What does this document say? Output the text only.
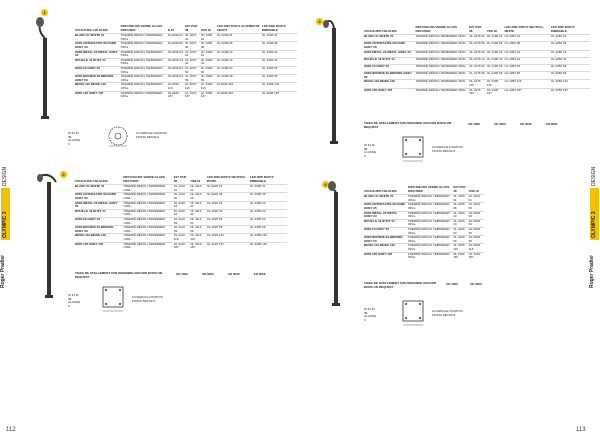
1
COULEURS COLOURS	DIFFUSEURS VERRE GLASS DIFFUSER	E 27	E27 PAR 38	70W HI	LED 26W 3000°K ALTERNATIF ADAPT.	LED 26W 3000°K DIMMABLE
BLANC 01 WHITE 01	TREMPÉ DÉPOLI TEMPERED OPAL	OL3206-01	OL 3070 01	OL 3396 01	OL 3206-01	OL 3396 01
GRIS ANTHRACITE 06 DARK GREY 06	TREMPÉ DÉPOLI TEMPERED OPAL	OL3206-06	OL 3070 06	OL 3396 06	OL 3206-06	OL 3396 06
GRIS MÉTAL 23 METAL GREY 23	TREMPÉ DÉPOLI TEMPERED OPAL	OL3206-23	OL 3070 23	OL 3396 23	OL 3206-23	OL 3396 23
ROUILLE 44 RUST 44	TREMPÉ DÉPOLI TEMPERED OPAL	OL3206-44	OL 3070 44	OL 3396 44	OL 3206-44	OL 3396 44
GRIS 53 GREY 53	TREMPÉ DÉPOLI TEMPERED OPAL	OL3206-53	OL 3070 53	OL 3396 53	OL 3206-53	OL 3396 53
GRIS BRONZE 59 BRONZE GREY 59	TREMPÉ DÉPOLI TEMPERED OPAL	OL3206-59	OL 3070 59	OL 3396 59	OL 3206-59	OL 3396 59
BEIGE 116 BEIGE 116	TREMPÉ DÉPOLI TEMPERED OPAL	OL3206-116	OL 3070 116	OL 3396 116	OL3206-116	OL 3396 116
GRIS 187 GREY 187	TREMPÉ DÉPOLI TEMPERED OPAL	OL3206-187	OL 3070 187	OL 3396 187	OL3206-187	OL 3396 187
IP 44 IK 08
CLASSE II
CUVERCLE FIXATION FIXING DETAILS
2
COULEURS COLOURS	DIFFUSEURS VERRE GLASS DIFFUSER	E27 PAR 38	70W HI	LED 26W 3000°K NEUTRAL WHITE	LED 26W 3000°K DIMMABLE
BLANC 01 WHITE 01	TREMPÉ DÉPOLI TEMPERED OPAL	OL 3116 01	OL 3116 01	OL 3226 01	OL 3286 01
GRIS ANTHRACITE 06 DARK GREY 06	TREMPÉ DÉPOLI TEMPERED OPAL	OL 3116 06	OL 3116 06	OL 3226 06	OL 3286 06
GRIS MÉTAL 23 METAL GREY 23	TREMPÉ DÉPOLI TEMPERED OPAL	OL 3116 23	OL 3116 23	OL 3226 23	OL 3286 23
ROUILLE 44 RUST 44	TREMPÉ DÉPOLI TEMPERED OPAL	OL 3116 44	OL 3116 44	OL 3226 44	OL 3286 44
GRIS 53 GREY 53	TREMPÉ DÉPOLI TEMPERED OPAL	OL 3116 53	OL 3116 53	OL 3226 53	OL 3286 53
GRIS BRONZE 59 BRONZE GREY 59	TREMPÉ DÉPOLI TEMPERED OPAL	OL 3116 59	OL 3116 59	OL 3226 59	OL 3286 59
BEIGE 116 BEIGE 116	TREMPÉ DÉPOLI TEMPERED OPAL	OL 3116 116	OL 3116 116	OL 3226 116	OL 3286 116
GRIS 187 GREY 187	TREMPÉ DÉPOLI TEMPERED OPAL	OL 3116 187	OL 3116 187	OL 3226 187	OL 3286 187
TIGES DE SCELLEMENT SUR DEMANDE ANCHOR RODS ON REQUEST
AD 3069	AD 3069	AD 3069	AD 3069
IP 44 IK 08
CLASSE II
CUVERCLE FIXATION FIXING DETAILS
Roger Pradier
OLYMPIC 3
DESIGN
112
3
COULEURS COLOURS	DIFFUSEURS VERRE GLASS DIFFUSER	E27 PAR 38	70W HI	LED 26W 3000°K NEUTRAL WHITE	LED 26W 3000°K DIMMABLE
BLANC 01 WHITE 01	TREMPÉ DÉPOLI TEMPERED OPAL	OL 3176 01	OL 3196 01	OL 3356 01	OL 3256 01
GRIS ANTHRACITE 06 DARK GREY 06	TREMPÉ DÉPOLI TEMPERED OPAL	OL 3176 06	OL 3196 06	OL 3356 06	OL 3256 06
GRIS MÉTAL 23 METAL GREY 23	TREMPÉ DÉPOLI TEMPERED OPAL	OL 3176 23	OL 3196 23	OL 3356 23	OL 3256 23
ROUILLE 44 RUST 44	TREMPÉ DÉPOLI TEMPERED OPAL	OL 3176 44	OL 3196 44	OL 3356 44	OL 3256 44
GRIS 53 GREY 53	TREMPÉ DÉPOLI TEMPERED OPAL	OL 3176 53	OL 3196 53	OL 3356 53	OL 3256 53
GRIS BRONZE 59 BRONZE GREY 59	TREMPÉ DÉPOLI TEMPERED OPAL	OL 3176 59	OL 3196 59	OL 3356 59	OL 3256 59
BEIGE 116 BEIGE 116	TREMPÉ DÉPOLI TEMPERED OPAL	OL 3176 116	OL 3196 116	OL 3356 116	OL 3256 116
GRIS 187 GREY 187	TREMPÉ DÉPOLI TEMPERED OPAL	OL 3176 187	OL 3196 187	OL 3356 187	OL 3256 187
TIGES DE SCELLEMENT SUR DEMANDE ANCHOR RODS ON REQUEST
AD 3069	AD 3069	AD 3069	AD 3069
IP 44 IK 08
CLASSE II
CUVERCLE FIXATION FIXING DETAILS
4
COULEURS COLOURS	DIFFUSEURS VERRE GLASS DIFFUSER	E27 PAR 38	70W HI
BLANC 01 WHITE 01	TREMPÉ DÉPOLI TEMPERED OPAL	OL 3166 01	OL 3166 01
GRIS ANTHRACITE 06 DARK GREY 06	TREMPÉ DÉPOLI TEMPERED OPAL	OL 3166 06	OL 3166 06
GRIS MÉTAL 23 METAL GREY 23	TREMPÉ DÉPOLI TEMPERED OPAL	OL 3166 23	OL 3166 23
ROUILLE 44 RUST 44	TREMPÉ DÉPOLI TEMPERED OPAL	OL 3166 44	OL 3166 44
GRIS 53 GREY 53	TREMPÉ DÉPOLI TEMPERED OPAL	OL 3166 53	OL 3166 53
GRIS BRONZE 59 BRONZE GREY 59	TREMPÉ DÉPOLI TEMPERED OPAL	OL 3166 59	OL 3166 59
BEIGE 116 BEIGE 116	TREMPÉ DÉPOLI TEMPERED OPAL	OL 3166 116	OL 3166 116
GRIS 187 GREY 187	TREMPÉ DÉPOLI TEMPERED OPAL	OL 3166 187	OL 3166 187
TIGES DE SCELLEMENT SUR DEMANDE ANCHOR RODS ON REQUEST
AD 3069	AD 3069
IP 44 IK 08
CLASSE II
CUVERCLE FIXATION FIXING DETAILS
Roger Pradier
OLYMPIC 3
DESIGN
113
